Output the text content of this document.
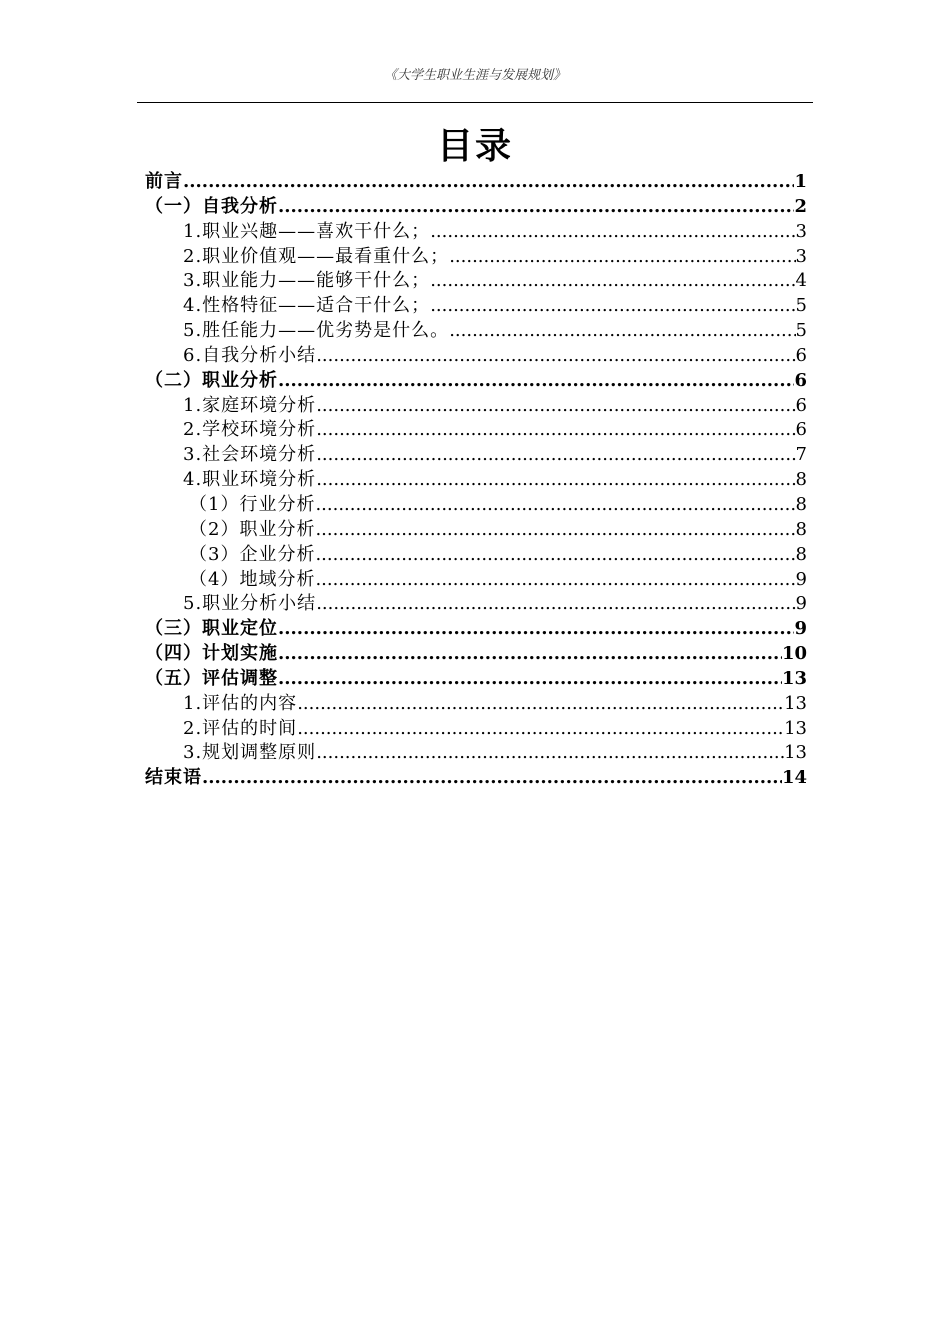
《大学生职业生涯与发展规划》
目录
前言 .....	1
（一）自我分析 .....	2
1.职业兴趣——喜欢干什么； .....	3
2.职业价值观——最看重什么； .....	3
3.职业能力——能够干什么； .....	4
4.性格特征——适合干什么； .....	5
5.胜任能力——优劣势是什么。 .....	5
6.自我分析小结 .....	6
（二）职业分析 .....	6
1.家庭环境分析 .....	6
2.学校环境分析 .....	6
3.社会环境分析 .....	7
4.职业环境分析 .....	8
（1）行业分析 .....	8
（2）职业分析 .....	8
（3）企业分析 .....	8
（4）地域分析 .....	9
5.职业分析小结 .....	9
（三）职业定位 .....	9
（四）计划实施 .....	10
（五）评估调整 .....	13
1.评估的内容 .....	13
2.评估的时间 .....	13
3.规划调整原则 .....	13
结束语 .....	14
